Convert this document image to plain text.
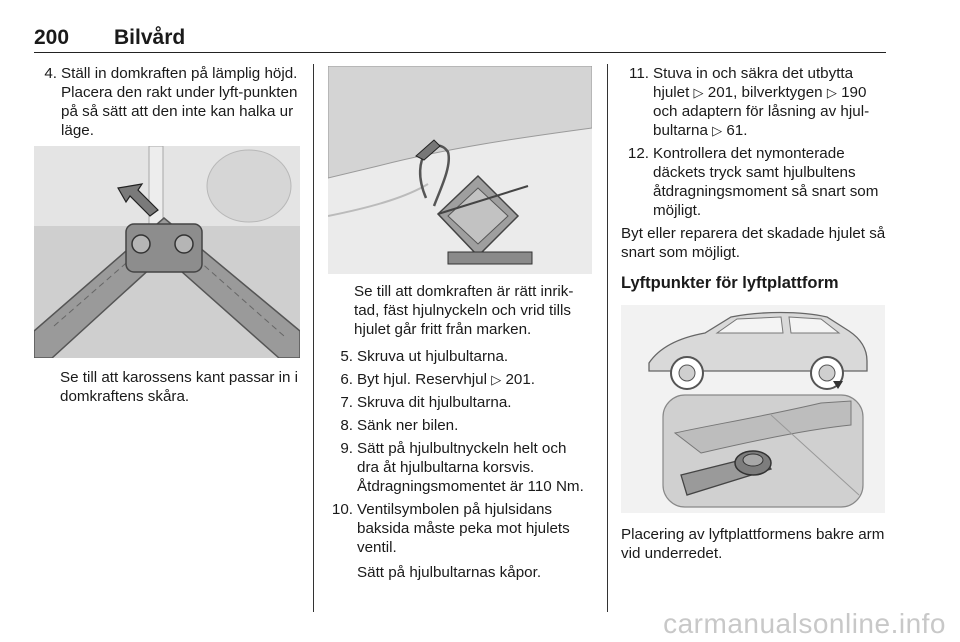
200 Bilvård
4. Ställ in domkraften på lämplig höjd. Placera den rakt under lyft-punkten på så sätt att den inte kan halka ur läge.

Se till att karossens kant passar in i domkraftens skåra.

Se till att domkraften är rätt inrik-tad, fäst hjulnyckeln och vrid tills hjulet går fritt från marken.

5. Skruva ut hjulbultarna.
6. Byt hjul. Reservhjul ▷ 201.
7. Skruva dit hjulbultarna.
8. Sänk ner bilen.
9. Sätt på hjulbultnyckeln helt och dra åt hjulbultarna korsvis. Åtdragningsmomentet är 110 Nm.
10. Ventilsymbolen på hjulsidans baksida måste peka mot hjulets ventil.
Sätt på hjulbultarnas kåpor.
11. Stuva in och säkra det utbytta hjulet ▷ 201, bilverktygen ▷ 190 och adaptern för låsning av hjul-bultarna ▷ 61.
12. Kontrollera det nymonterade däckets tryck samt hjulbultens åtdragningsmoment så snart som möjligt.

Byt eller reparera det skadade hjulet så snart som möjligt.

Lyftpunkter för lyftplattform

Placering av lyftplattformens bakre arm vid underredet.

carmanualsonline.info
